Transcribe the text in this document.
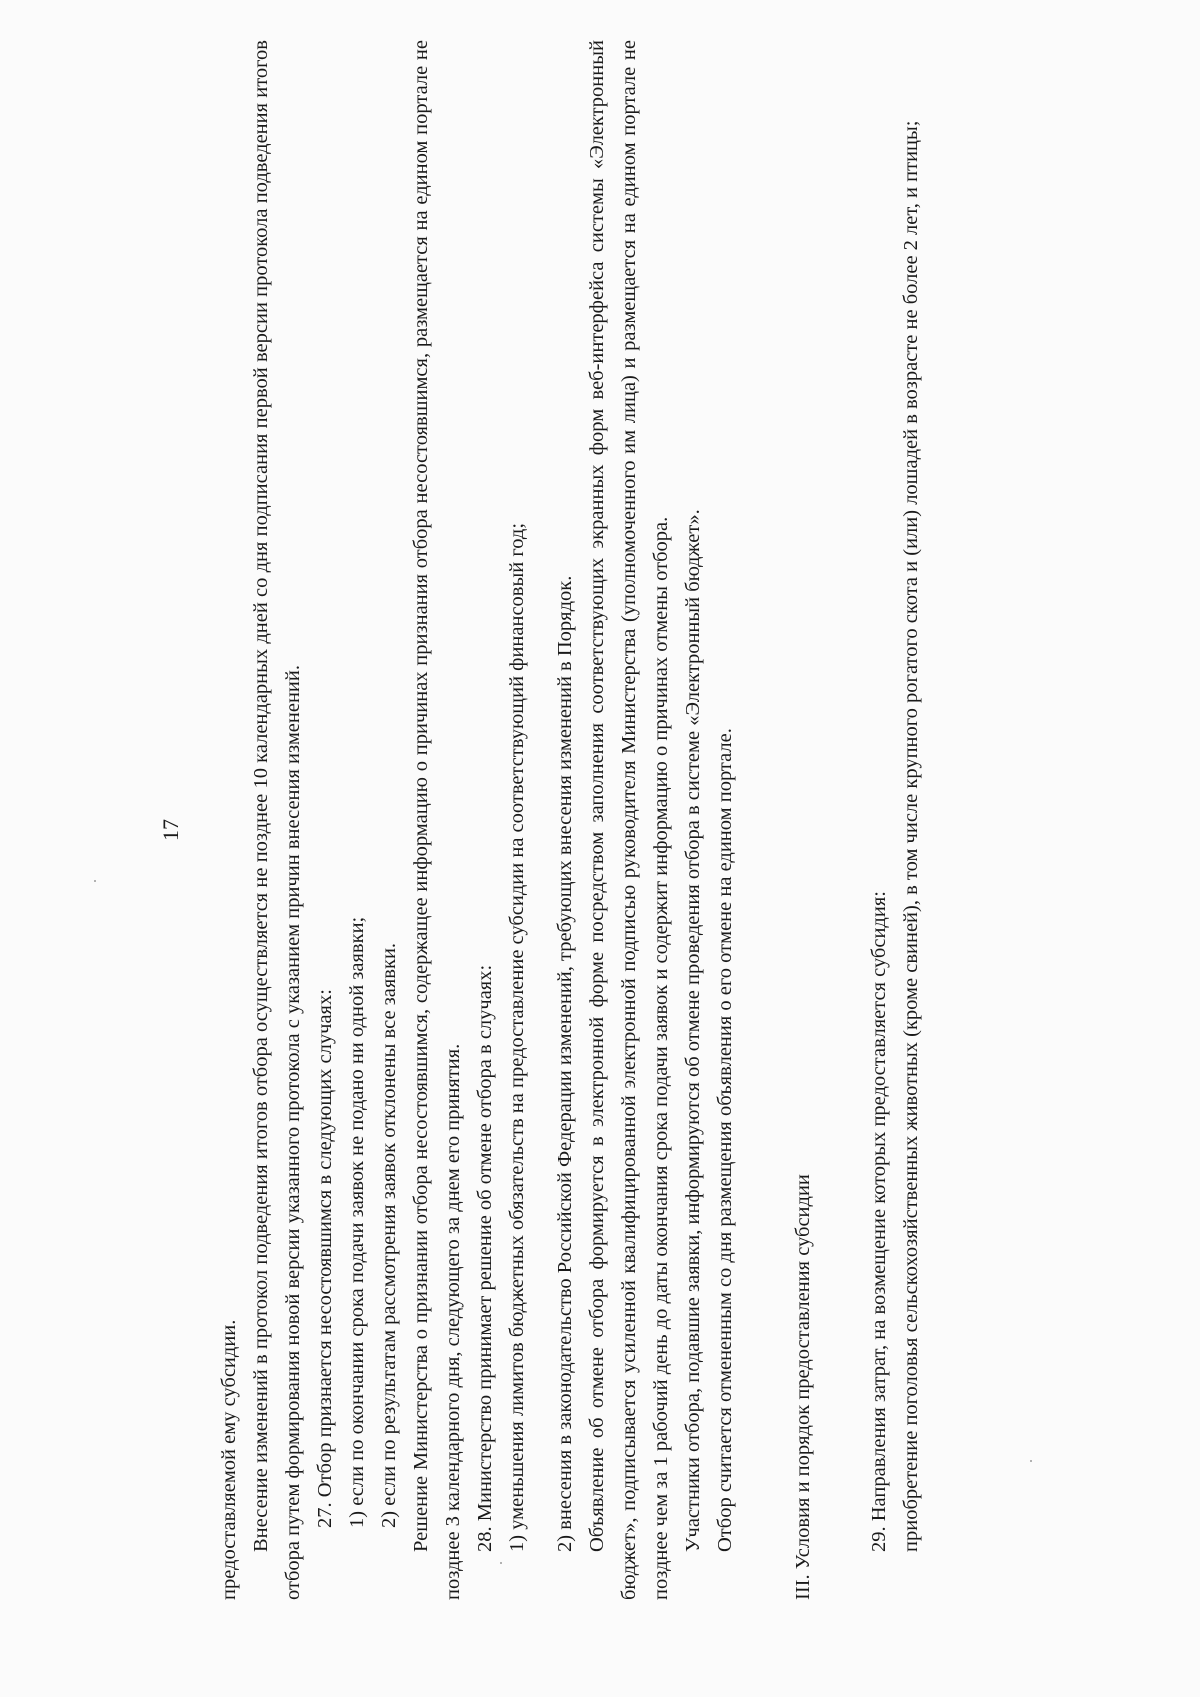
17

предоставляемой ему субсидии. Внесение изменений в протокол подведения итогов отбора осуществляется не позднее 10 календарных дней со дня подписания первой версии протокола подведения итогов отбора путем формирования новой версии указанного протокола с указанием причин внесения изменений. 27. Отбор признается несостоявшимся в следующих случаях: 1) если по окончании срока подачи заявок не подано ни одной заявки; 2) если по результатам рассмотрения заявок отклонены все заявки. Решение Министерства о признании отбора несостоявшимся, содержащее информацию о причинах признания отбора несостоявшимся, размещается на едином портале не позднее 3 календарного дня, следующего за днем его принятия. 28. Министерство принимает решение об отмене отбора в случаях: 1) уменьшения лимитов бюджетных обязательств на предоставление субсидии на соответствующий финансовый год; 2) внесения в законодательство Российской Федерации изменений, требующих внесения изменений в Порядок. Объявление об отмене отбора формируется в электронной форме посредством заполнения соответствующих экранных форм веб-интерфейса системы «Электронный бюджет», подписывается усиленной квалифицированной электронной подписью руководителя Министерства (уполномоченного им лица) и размещается на едином портале не позднее чем за 1 рабочий день до даты окончания срока подачи заявок и содержит информацию о причинах отмены отбора. Участники отбора, подавшие заявки, информируются об отмене проведения отбора в системе «Электронный бюджет». Отбор считается отмененным со дня размещения объявления о его отмене на едином портале.	III. Условия и порядок предоставления субсидии	29. Направления затрат, на возмещение которых предоставляется субсидия: приобретение поголовья сельскохозяйственных животных (кроме свиней), в том числе крупного рогатого скота и (или) лошадей в возрасте не более 2 лет, и птицы;
